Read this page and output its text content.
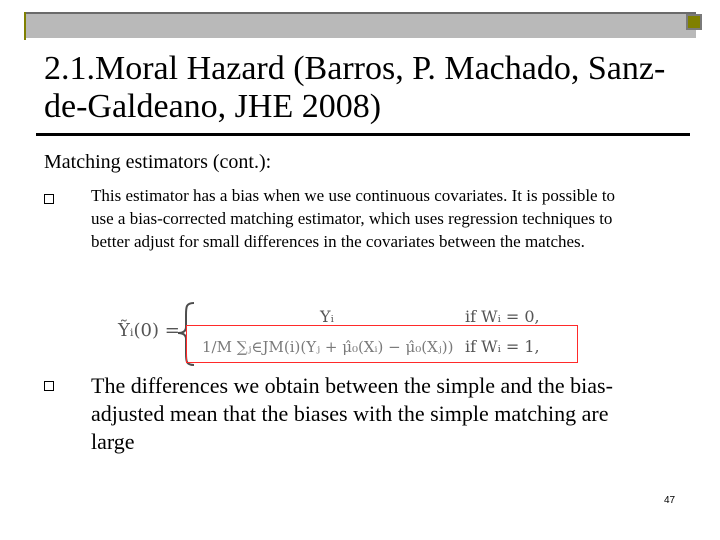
2.1.Moral Hazard (Barros, P. Machado, Sanz-de-Galdeano, JHE 2008)
Matching estimators (cont.):
This estimator has a bias when we use continuous covariates. It is possible to use a bias-corrected matching estimator, which uses regression techniques to better adjust for small differences in the covariates between the matches.
Ỹᵢ(0) =
Yᵢ	if Wᵢ = 0,
1/M ∑ⱼ∈JM(i)(Yⱼ + μ̂₀(Xᵢ) − μ̂₀(Xⱼ)) if Wᵢ = 1,
The differences we obtain between the simple and the bias-adjusted mean that the biases with the simple matching are large
47
